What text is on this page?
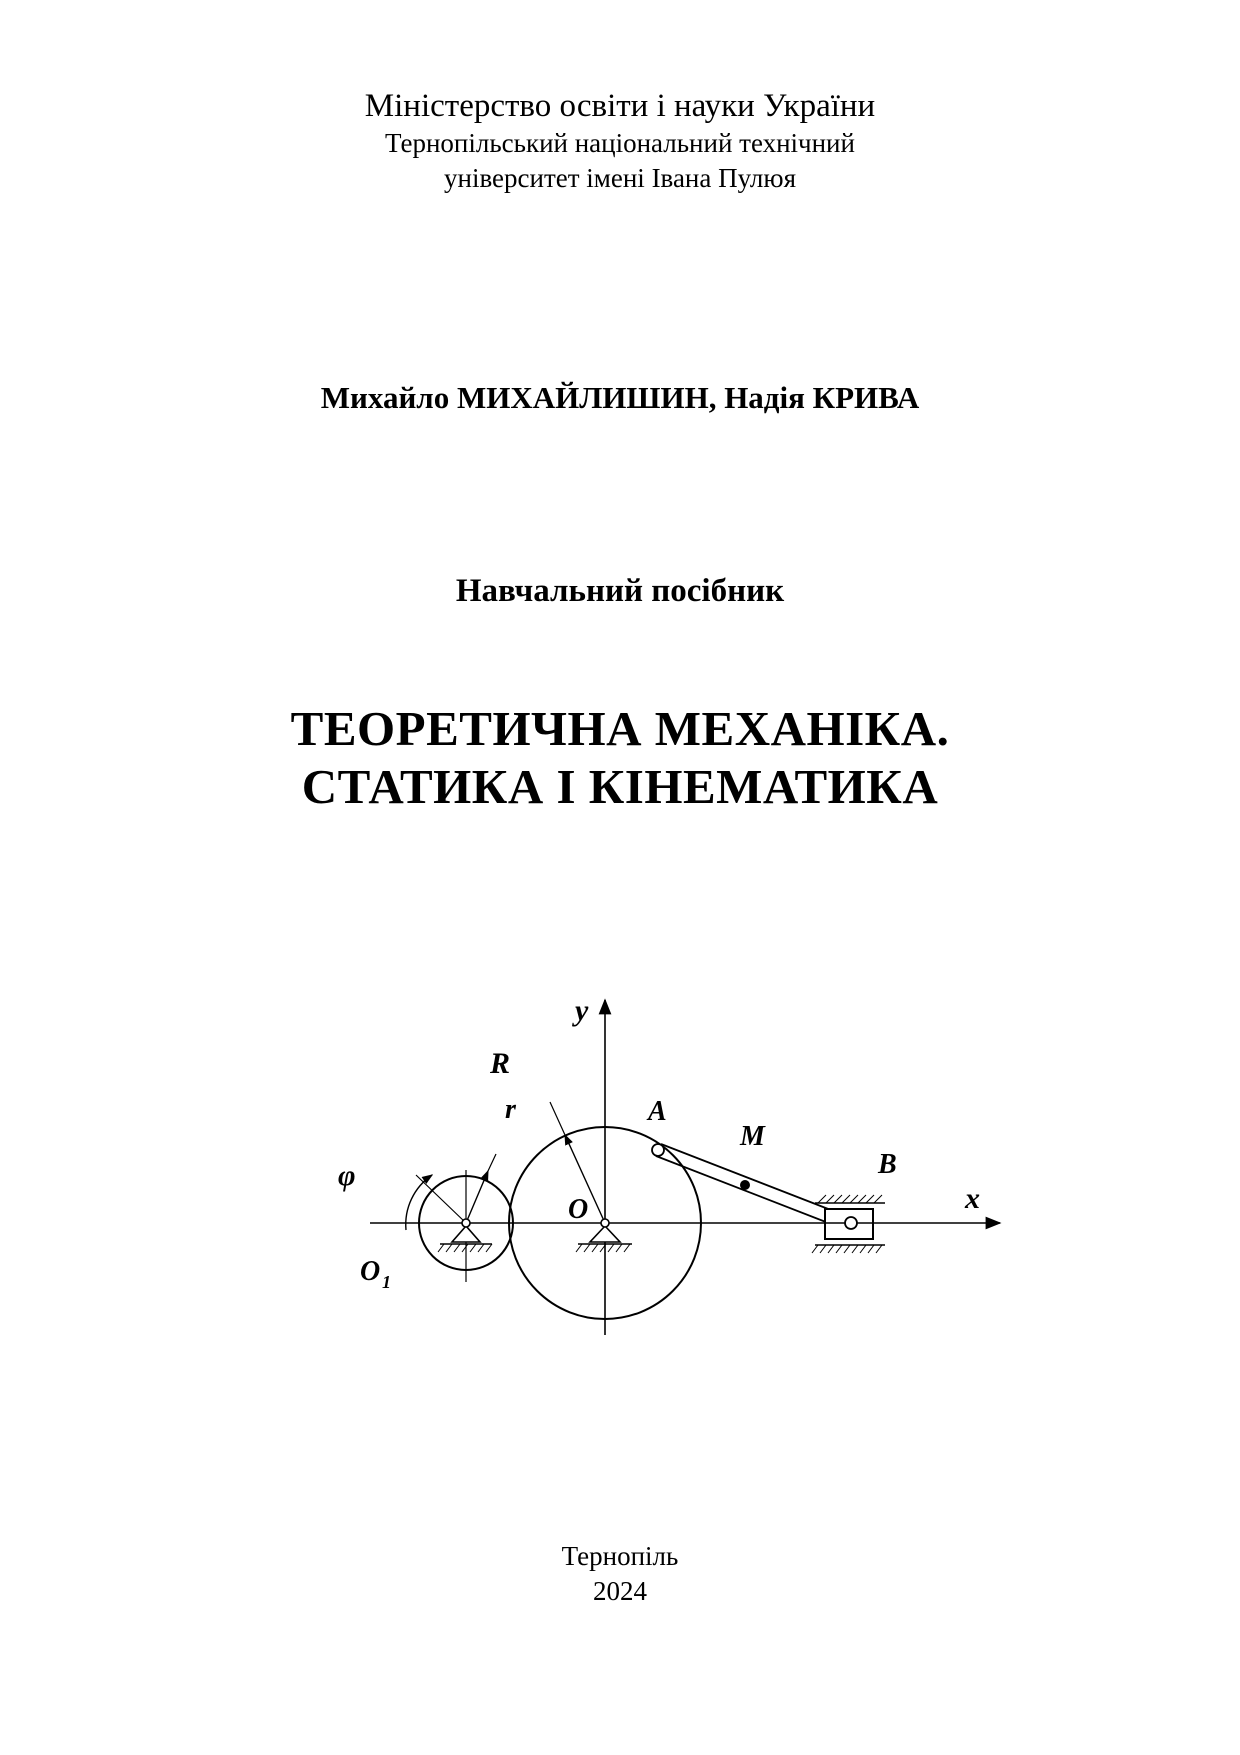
Міністерство освіти і науки України
Тернопільський національний технічний
університет імені Івана Пулюя
Михайло МИХАЙЛИШИН, Надія КРИВА
Навчальний посібник
ТЕОРЕТИЧНА МЕХАНІКА.
СТАТИКА І КІНЕМАТИКА
y
x
R
r
φ
A
M
B
O
O 1
Тернопіль
2024
